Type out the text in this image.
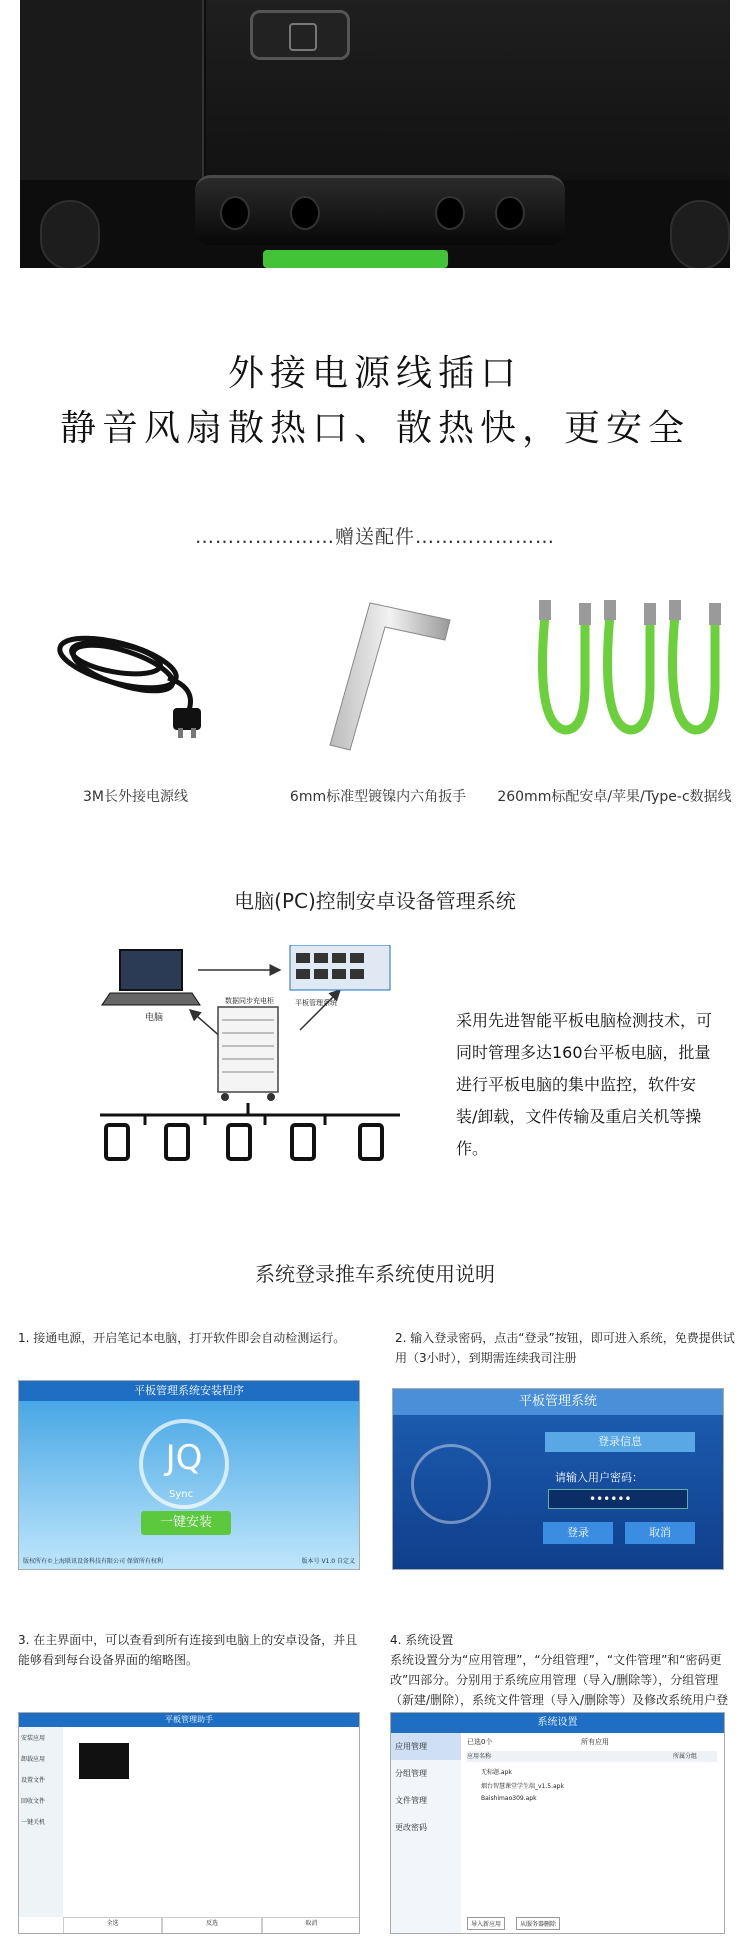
外接电源线插口
静音风扇散热口、散热快，更安全
…………………赠送配件…………………
3M长外接电源线	6mm标准型镀镍内六角扳手	260mm标配安卓/苹果/Type-c数据线
电脑(PC)控制安卓设备管理系统
电脑
平板管理系统
数据同步充电柜
采用先进智能平板电脑检测技术，可同时管理多达160台平板电脑，批量进行平板电脑的集中监控，软件安装/卸载，文件传输及重启关机等操作。
系统登录推车系统使用说明
1. 接通电源，开启笔记本电脑，打开软件即会自动检测运行。	2. 输入登录密码，点击“登录”按钮，即可进入系统，免费提供试用（3小时），到期需连续我司注册
平板管理系统安装程序
JQ
Sync
一键安装
版权所有©上海联讯设备科技有限公司 保留所有权利	版本号 V1.0 自定义
平板管理系统
登录信息
请输入用户密码：
••••••
登录	取消
3. 在主界面中，可以查看到所有连接到电脑上的安卓设备，并且能够看到每台设备界面的缩略图。
4. 系统设置
系统设置分为“应用管理”，“分组管理”，“文件管理”和“密码更改”四部分。分别用于系统应用管理（导入/删除等），分组管理（新建/删除），系统文件管理（导入/删除等）及修改系统用户登
平板管理助手
安装应用
卸载应用
设置文件
回收文件
一键关机
全选	反选	取消
系统设置
应用管理
分组管理
文件管理
更改密码
已选0个	所有应用
应用名称	所属分组
无标题.apk
烟台智慧课堂学生端_v1.5.apk
Baishimao309.apk
导入新应用	从服务器删除
